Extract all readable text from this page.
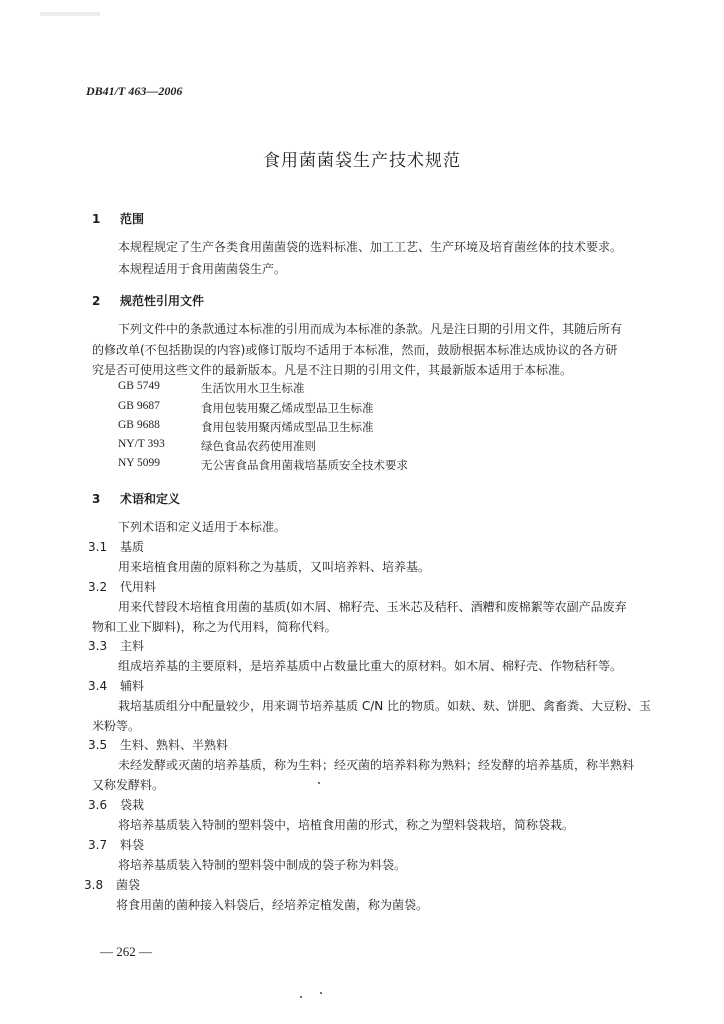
DB41/T 463—2006
食用菌菌袋生产技术规范
1 范围
本规程规定了生产各类食用菌菌袋的选料标准、加工工艺、生产环境及培育菌丝体的技术要求。
本规程适用于食用菌菌袋生产。
2 规范性引用文件
下列文件中的条款通过本标准的引用而成为本标准的条款。凡是注日期的引用文件，其随后所有
的修改单(不包括勘误的内容)或修订版均不适用于本标准，然而，鼓励根据本标准达成协议的各方研
究是否可使用这些文件的最新版本。凡是不注日期的引用文件，其最新版本适用于本标准。
GB 5749	生活饮用水卫生标准
GB 9687	食用包装用聚乙烯成型品卫生标准
GB 9688	食用包装用聚丙烯成型品卫生标准
NY/T 393	绿色食品农药使用准则
NY 5099	无公害食品食用菌栽培基质安全技术要求
3 术语和定义
下列术语和定义适用于本标准。
3.1 基质
用来培植食用菌的原料称之为基质，又叫培养料、培养基。
3.2 代用料
用来代替段木培植食用菌的基质(如木屑、棉籽壳、玉米芯及秸秆、酒糟和废棉絮等农副产品废弃
物和工业下脚料)，称之为代用料，简称代料。
3.3 主料
组成培养基的主要原料，是培养基质中占数量比重大的原材料。如木屑、棉籽壳、作物秸秆等。
3.4 辅料
栽培基质组分中配量较少，用来调节培养基质 C/N 比的物质。如麸、麸、饼肥、禽畜粪、大豆粉、玉
米粉等。
3.5 生料、熟料、半熟料
未经发酵或灭菌的培养基质，称为生料；经灭菌的培养料称为熟料；经发酵的培养基质，称半熟料
又称发酵料。
3.6 袋栽
将培养基质装入特制的塑料袋中，培植食用菌的形式，称之为塑料袋栽培，简称袋栽。
3.7 料袋
将培养基质装入特制的塑料袋中制成的袋子称为料袋。
3.8 菌袋
将食用菌的菌种接入料袋后，经培养定植发菌，称为菌袋。
— 262 —
